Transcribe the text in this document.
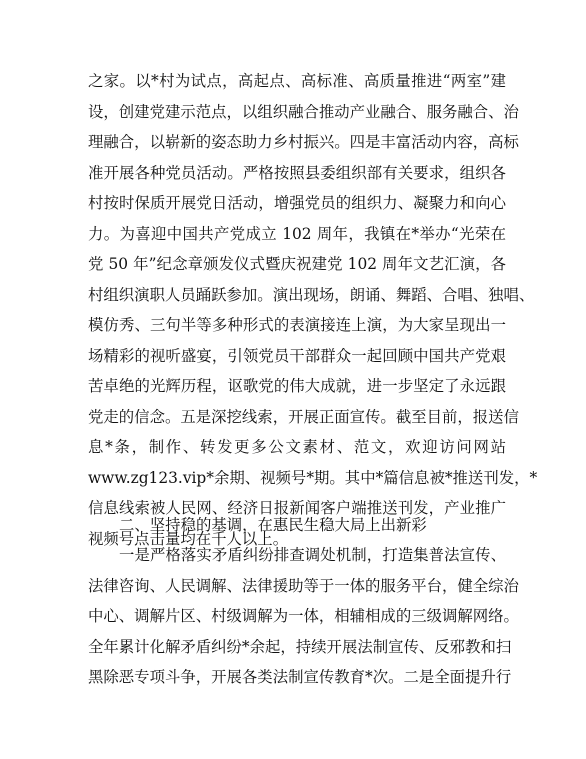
之家。以*村为试点，高起点、高标准、高质量推进“两室”建
设，创建党建示范点，以组织融合推动产业融合、服务融合、治
理融合，以崭新的姿态助力乡村振兴。四是丰富活动内容，高标
准开展各种党员活动。严格按照县委组织部有关要求，组织各
村按时保质开展党日活动，增强党员的组织力、凝聚力和向心
力。为喜迎中国共产党成立 102 周年，我镇在*举办“光荣在
党 50 年”纪念章颁发仪式暨庆祝建党 102 周年文艺汇演，各
村组织演职人员踊跃参加。演出现场，朗诵、舞蹈、合唱、独唱、
模仿秀、三句半等多种形式的表演接连上演，为大家呈现出一
场精彩的视听盛宴，引领党员干部群众一起回顾中国共产党艰
苦卓绝的光辉历程，讴歌党的伟大成就，进一步坚定了永远跟
党走的信念。五是深挖线索，开展正面宣传。截至目前，报送信
息*条，制作、转发更多公文素材、范文，欢迎访问网站
www.zg123.vip*余期、视频号*期。其中*篇信息被*推送刊发，*
信息线索被人民网、经济日报新闻客户端推送刊发，产业推广
视频号点击量均在千人以上。
二、坚持稳的基调，在惠民生稳大局上出新彩
一是严格落实矛盾纠纷排查调处机制，打造集普法宣传、
法律咨询、人民调解、法律援助等于一体的服务平台，健全综治
中心、调解片区、村级调解为一体，相辅相成的三级调解网络。
全年累计化解矛盾纠纷*余起，持续开展法制宣传、反邪教和扫
黑除恶专项斗争，开展各类法制宣传教育*次。二是全面提升行
